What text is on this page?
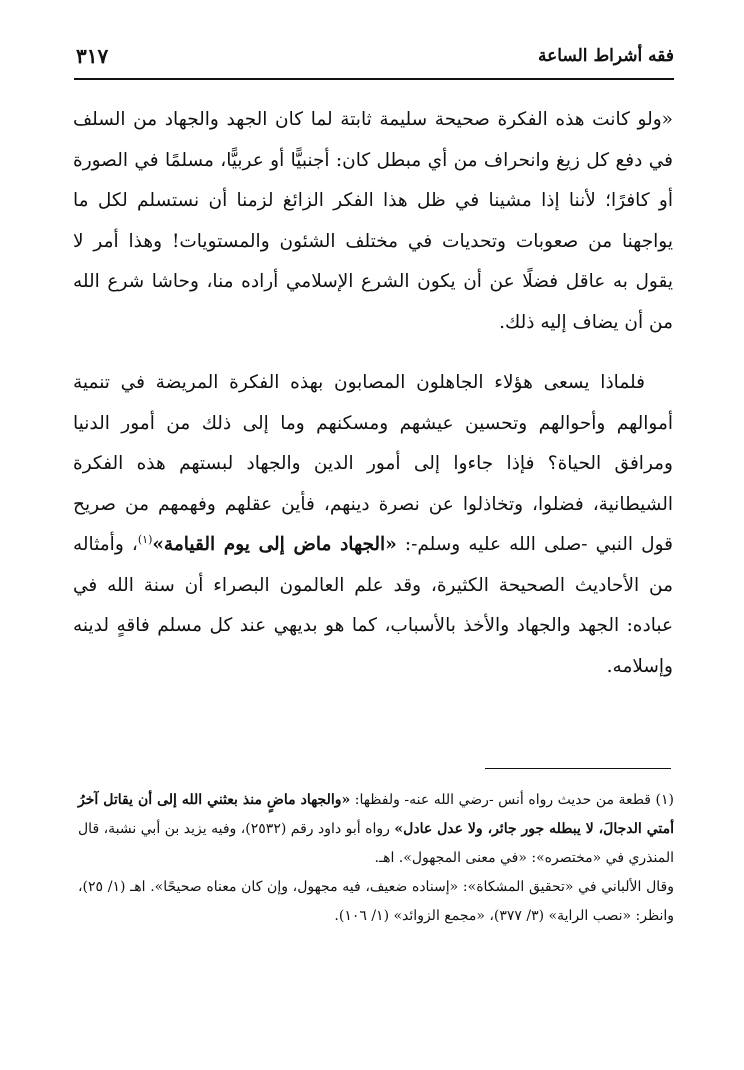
فقه أشراط الساعة
٣١٧

«ولو كانت هذه الفكرة صحيحة سليمة ثابتة لما كان الجهد والجهاد من السلف في دفع كل زيغ وانحراف من أي مبطل كان: أجنبيًّا أو عربيًّا، مسلمًا في الصورة أو كافرًا؛ لأننا إذا مشينا في ظل هذا الفكر الزائغ لزمنا أن نستسلم لكل ما يواجهنا من صعوبات وتحديات في مختلف الشئون والمستويات! وهذا أمر لا يقول به عاقل فضلًا عن أن يكون الشرع الإسلامي أراده منا، وحاشا شرع الله من أن يضاف إليه ذلك.

فلماذا يسعى هؤلاء الجاهلون المصابون بهذه الفكرة المريضة في تنمية أموالهم وأحوالهم وتحسين عيشهم ومسكنهم وما إلى ذلك من أمور الدنيا ومرافق الحياة؟ فإذا جاءوا إلى أمور الدين والجهاد لبستهم هذه الفكرة الشيطانية، فضلوا، وتخاذلوا عن نصرة دينهم، فأين عقلهم وفهمهم من صريح قول النبي -صلى الله عليه وسلم-: «الجهاد ماض إلى يوم القيامة»$^{(١)}$، وأمثاله من الأحاديث الصحيحة الكثيرة، وقد علم العالمون البصراء أن سنة الله في عباده: الجهد والجهاد والأخذ بالأسباب، كما هو بديهي عند كل مسلم فاقهٍ لدينه وإسلامه.

(١) قطعة من حديث رواه أنس -رضي الله عنه- ولفظها: «والجهاد ماضٍ منذ بعثني الله إلى أن يقاتل آخرُ أمتي الدجالَ، لا يبطله جور جائر، ولا عدل عادل» رواه أبو داود رقم (٢٥٣٢)، وفيه يزيد بن أبي نشبة، قال المنذري في «مختصره»: «في معنى المجهول». اهـ.

وقال الألباني في «تحقيق المشكاة»: «إسناده ضعيف، فيه مجهول، وإن كان معناه صحيحًا». اهـ (١/ ٢٥)، وانظر: «نصب الراية» (٣/ ٣٧٧)، «مجمع الزوائد» (١/ ١٠٦).
